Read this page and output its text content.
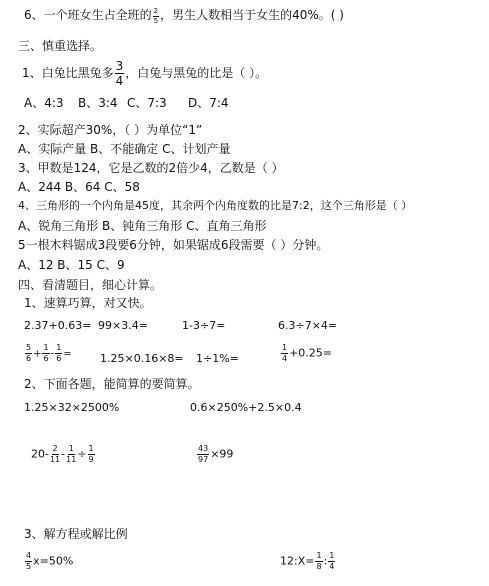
6、一个班女生占全班的 $\frac{2}{5}$ ，男生人数相当于女生的40%。( )
三、慎重选择。
1、白兔比黑兔多 $\frac{3}{4}$ ，白兔与黑兔的比是（ ）。
A、4:3 B、3:4 C、7:3 D、7:4
2、实际超产30%，（ ）为单位“1”
A、实际产量 B、不能确定 C、计划产量
3、甲数是124，它是乙数的2倍少4，乙数是（ ）
A、244 B、64 C、58
4、三角形的一个内角是45度，其余两个内角度数的比是7:2，这个三角形是（ ）
A、锐角三角形 B、钝角三角形 C、直角三角形
5一根木料锯成3段要6分钟，如果锯成6段需要（ ）分钟。
A、12 B、15 C、9
四、看清题目，细心计算。
1、速算巧算，对又快。
2.37+0.63= 99×3.4=	1-3÷7=	6.3÷7×4=
$\frac{5}{6} + \frac{1}{6} - \frac{1}{6}$ =	1.25×0.16×8= 1÷1%=	$\frac{1}{4} +0.25=$
2、下面各题，能简算的要简算。
1.25×32×2500%	0.6×250%+2.5×0.4
$20- \frac{2}{11} - \frac{1}{11} \div \frac{1}{9}$	$\frac{43}{97} \times 99$
3、解方程或解比例
$\frac{4}{5} x=50\%$	12:X= $\frac{1}{8}$ : $\frac{1}{4}$
